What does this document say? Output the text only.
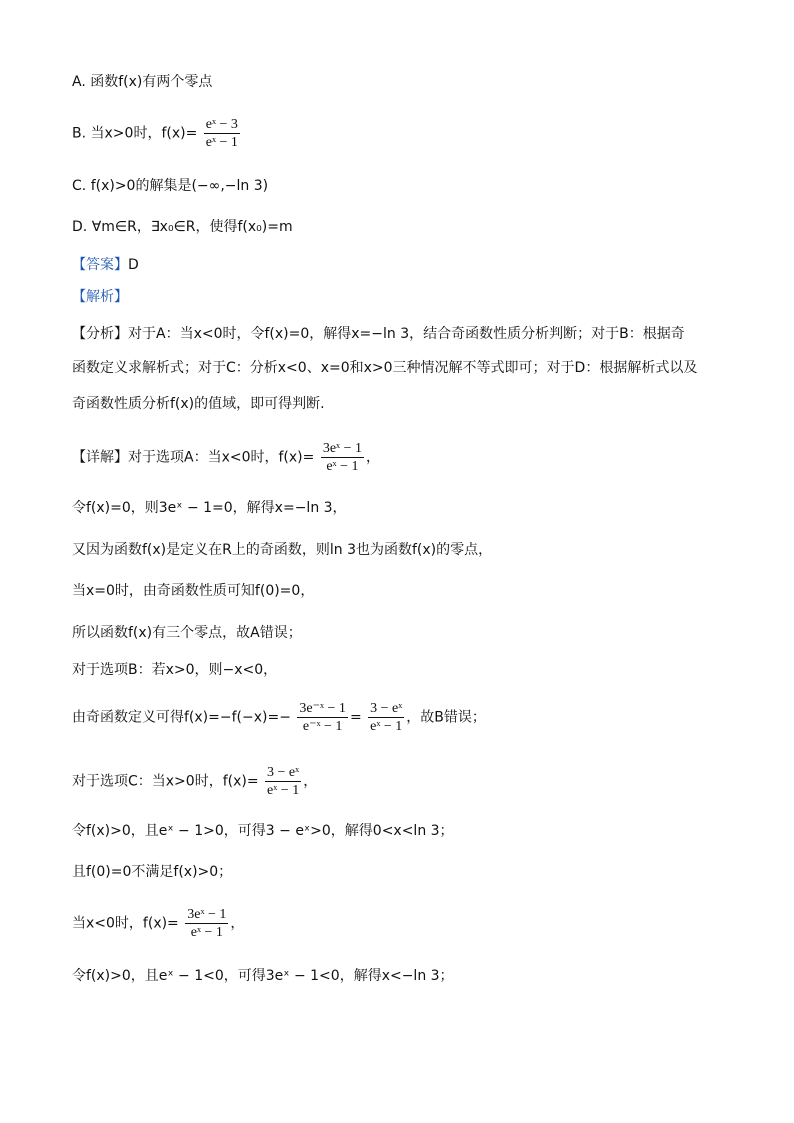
A. 函数f(x)有两个零点
B. 当x>0时，$f(x)= \frac{\text{eˣ − 3}}{\text{eˣ − 1}}$
C. f(x)>0的解集是(−∞,−ln 3)
D. ∀m∈R，∃x₀∈R，使得f(x₀)=m
【答案】D
【解析】
【分析】对于A：当x<0时，令f(x)=0，解得x=−ln 3，结合奇函数性质分析判断；对于B：根据奇
函数定义求解析式；对于C：分析x<0、x=0和x>0三种情况解不等式即可；对于D：根据解析式以及
奇函数性质分析f(x)的值域，即可得判断.
【详解】对于选项A：当x<0时，$f(x)= \frac{\text{3eˣ − 1}}{\text{eˣ − 1}}$ ，
令f(x)=0，则3eˣ − 1=0，解得x=−ln 3，
又因为函数f(x)是定义在R上的奇函数，则ln 3也为函数f(x)的零点，
当x=0时，由奇函数性质可知f(0)=0，
所以函数f(x)有三个零点，故A错误；
对于选项B：若x>0，则−x<0，
由奇函数定义可得$f(x)=-f(-x)=- \frac{\text{3e⁻ˣ − 1}}{\text{e⁻ˣ − 1}} = \frac{\text{3 − eˣ}}{\text{eˣ − 1}}$ ，故B错误；
对于选项C：当x>0时，$f(x)= \frac{\text{3 − eˣ}}{\text{eˣ − 1}}$ ，
令f(x)>0，且eˣ − 1>0，可得3 − eˣ>0，解得0<x<ln 3；
且f(0)=0不满足f(x)>0；
当x<0时，$f(x)= \frac{\text{3eˣ − 1}}{\text{eˣ − 1}}$ ，
令f(x)>0，且eˣ − 1<0，可得3eˣ − 1<0，解得x<−ln 3；
